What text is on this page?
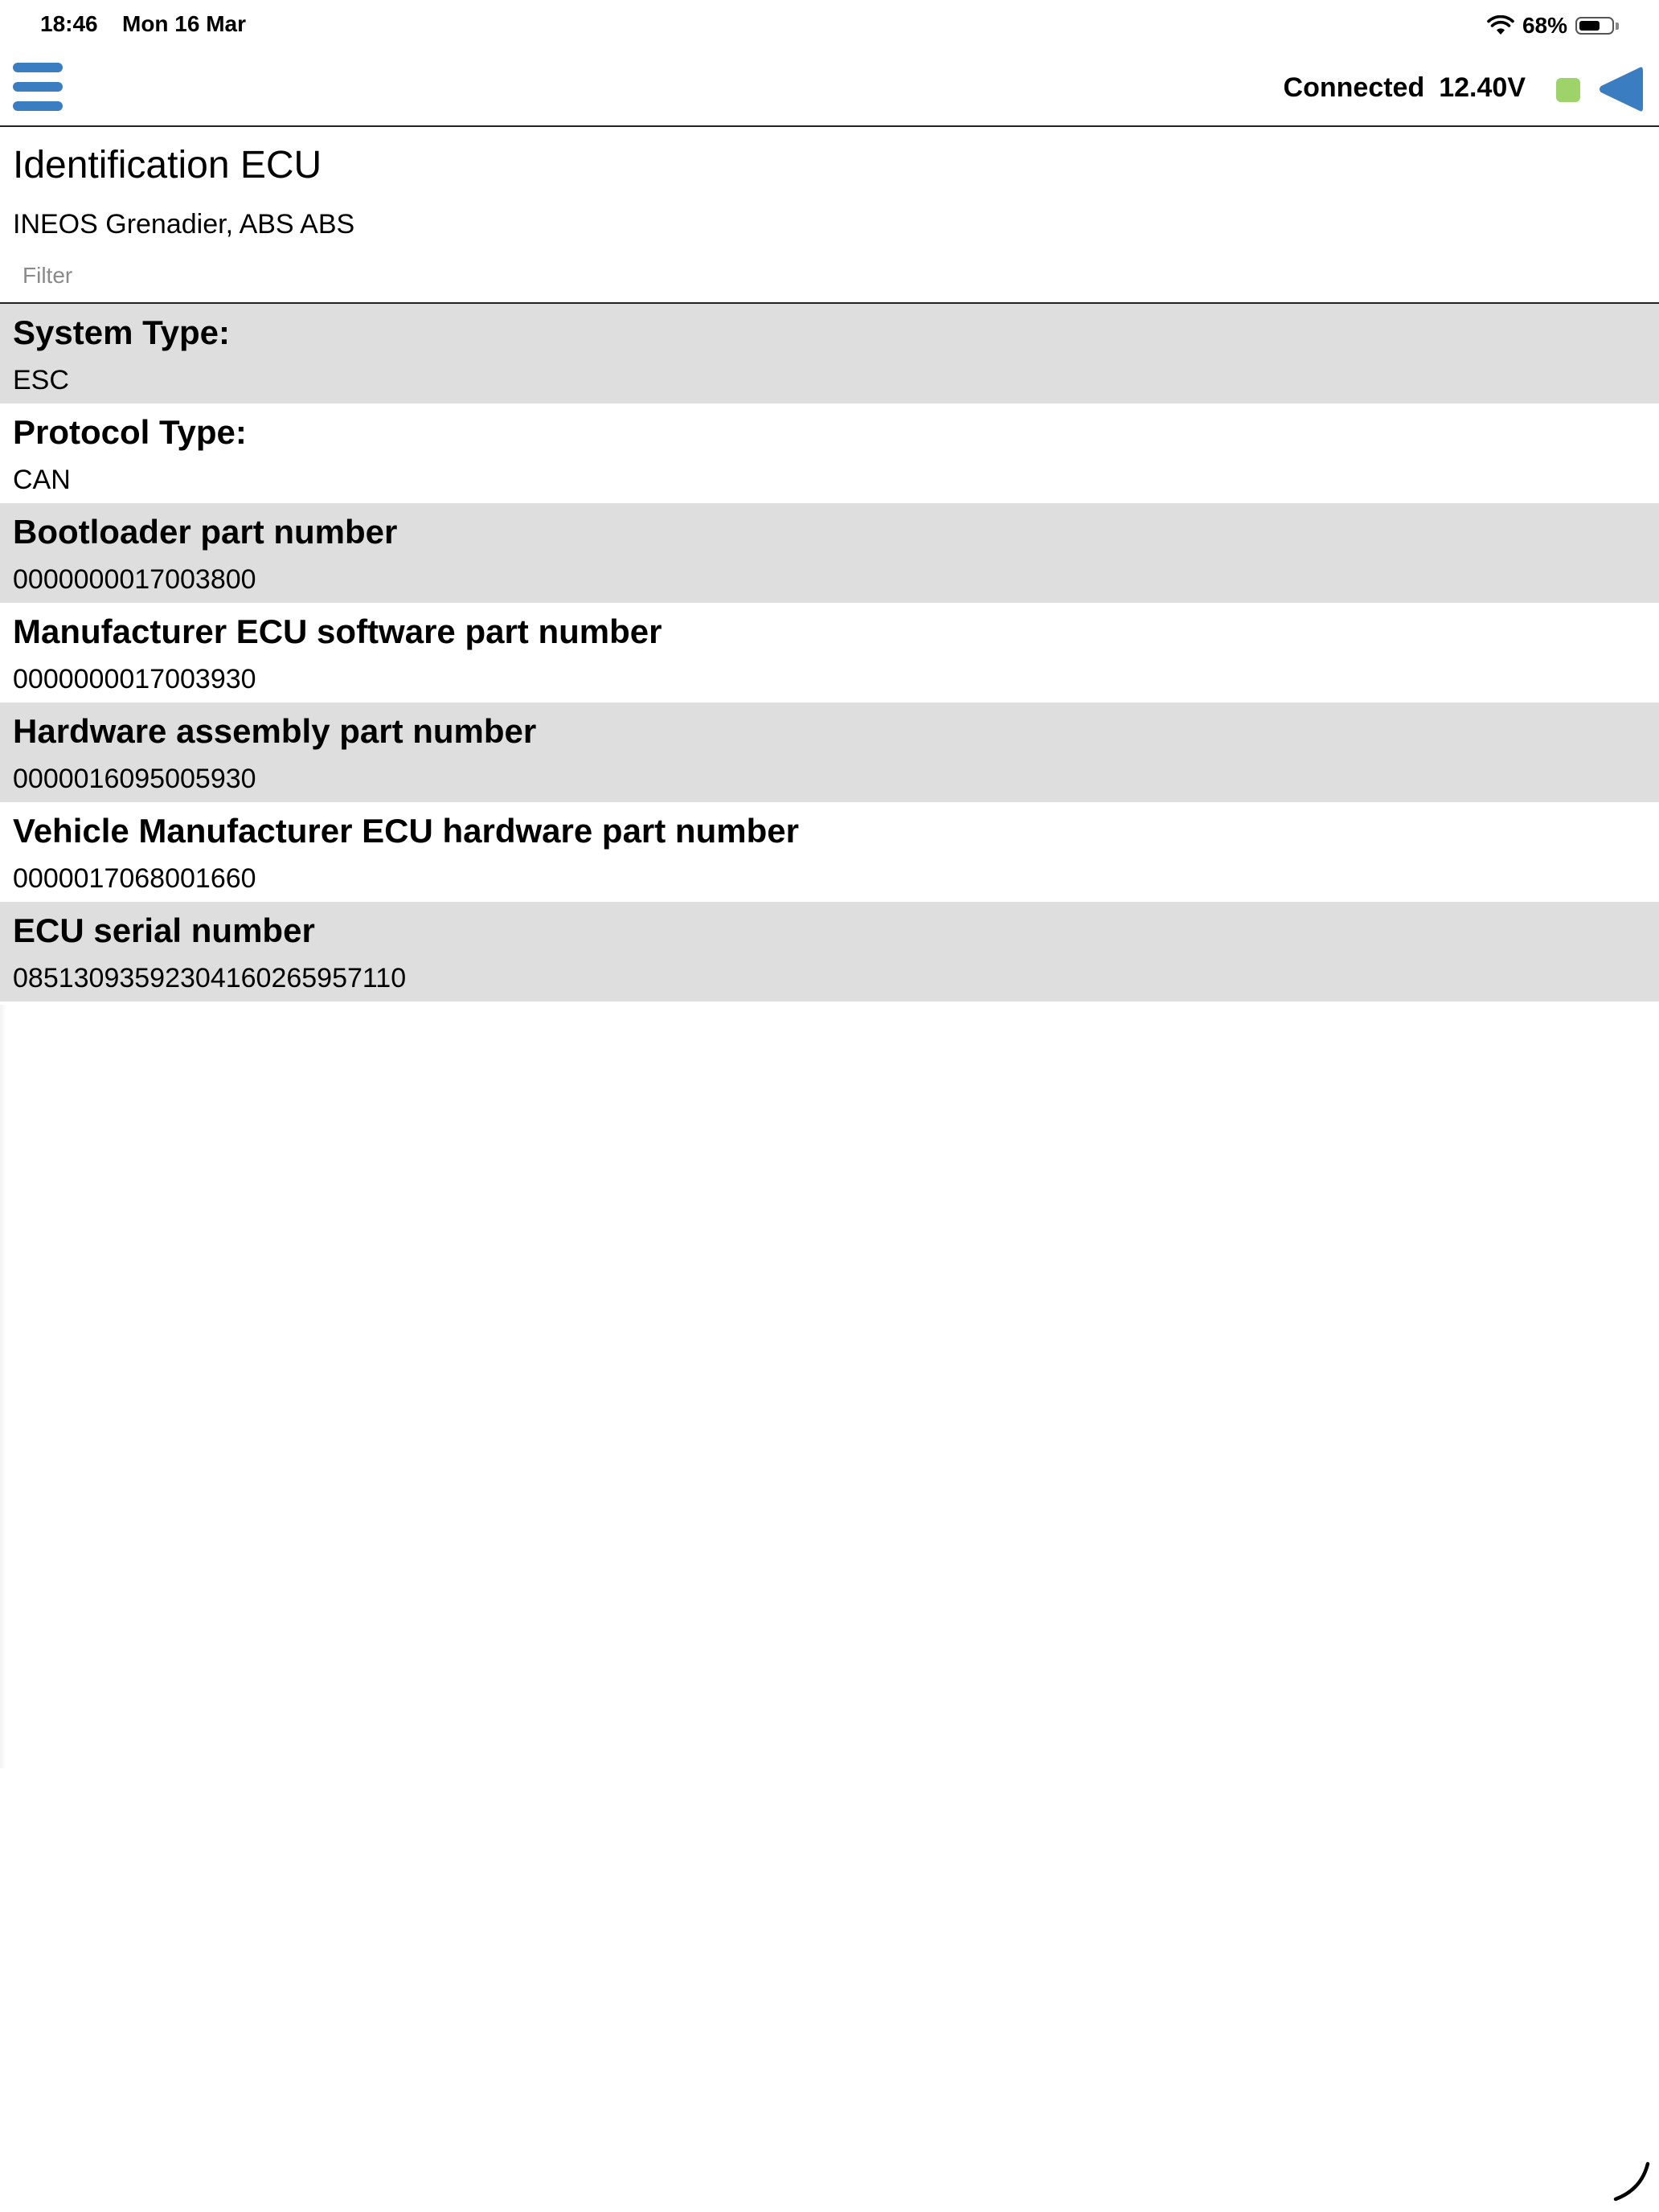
18:46 Mon 16 Mar	68%
Connected 12.40V
Identification ECU
INEOS Grenadier, ABS ABS
Filter
System Type:
ESC
Protocol Type:
CAN
Bootloader part number
0000000017003800
Manufacturer ECU software part number
0000000017003930
Hardware assembly part number
0000016095005930
Vehicle Manufacturer ECU hardware part number
0000017068001660
ECU serial number
08513093592304160265957110
